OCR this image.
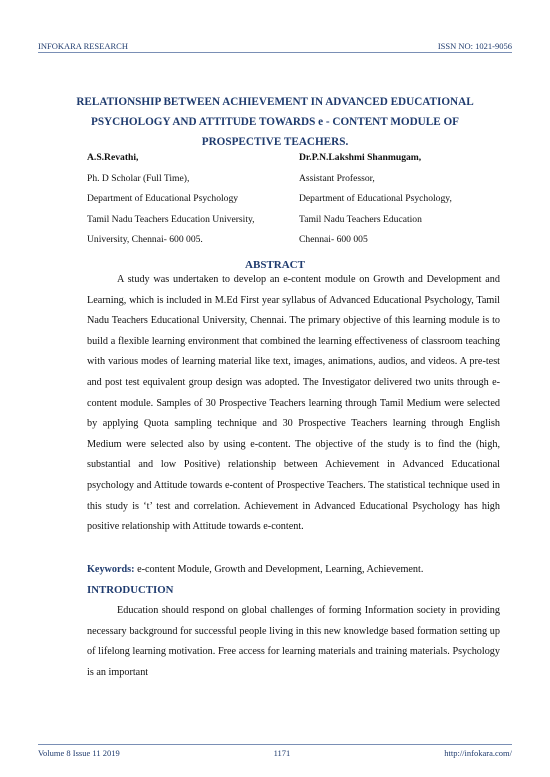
INFOKARA RESEARCH	ISSN NO: 1021-9056
RELATIONSHIP BETWEEN ACHIEVEMENT IN ADVANCED EDUCATIONAL PSYCHOLOGY AND ATTITUDE TOWARDS e - CONTENT MODULE OF PROSPECTIVE TEACHERS.
A.S.Revathi,	Dr.P.N.Lakshmi Shanmugam,
Ph. D Scholar (Full Time),	Assistant Professor,
Department of Educational Psychology	Department of Educational Psychology,
Tamil Nadu Teachers Education University,	Tamil Nadu Teachers Education
University, Chennai- 600 005.	Chennai- 600 005
ABSTRACT

A study was undertaken to develop an e-content module on Growth and Development and Learning, which is included in M.Ed First year syllabus of Advanced Educational Psychology, Tamil Nadu Teachers Educational University, Chennai. The primary objective of this learning module is to build a flexible learning environment that combined the learning effectiveness of classroom teaching with various modes of learning material like text, images, animations, audios, and videos. A pre-test and post test equivalent group design was adopted. The Investigator delivered two units through e-content module. Samples of 30 Prospective Teachers learning through Tamil Medium were selected by applying Quota sampling technique and 30 Prospective Teachers learning through English Medium were selected also by using e-content. The objective of the study is to find the (high, substantial and low Positive) relationship between Achievement in Advanced Educational psychology and Attitude towards e-content of Prospective Teachers. The statistical technique used in this study is ‘t’ test and correlation. Achievement in Advanced Educational Psychology has high positive relationship with Attitude towards e-content.

Keywords: e-content Module, Growth and Development, Learning, Achievement.
INTRODUCTION

Education should respond on global challenges of forming Information society in providing necessary background for successful people living in this new knowledge based formation setting up of lifelong learning motivation. Free access for learning materials and training materials. Psychology is an important

Volume 8 Issue 11 2019	1171	http://infokara.com/
